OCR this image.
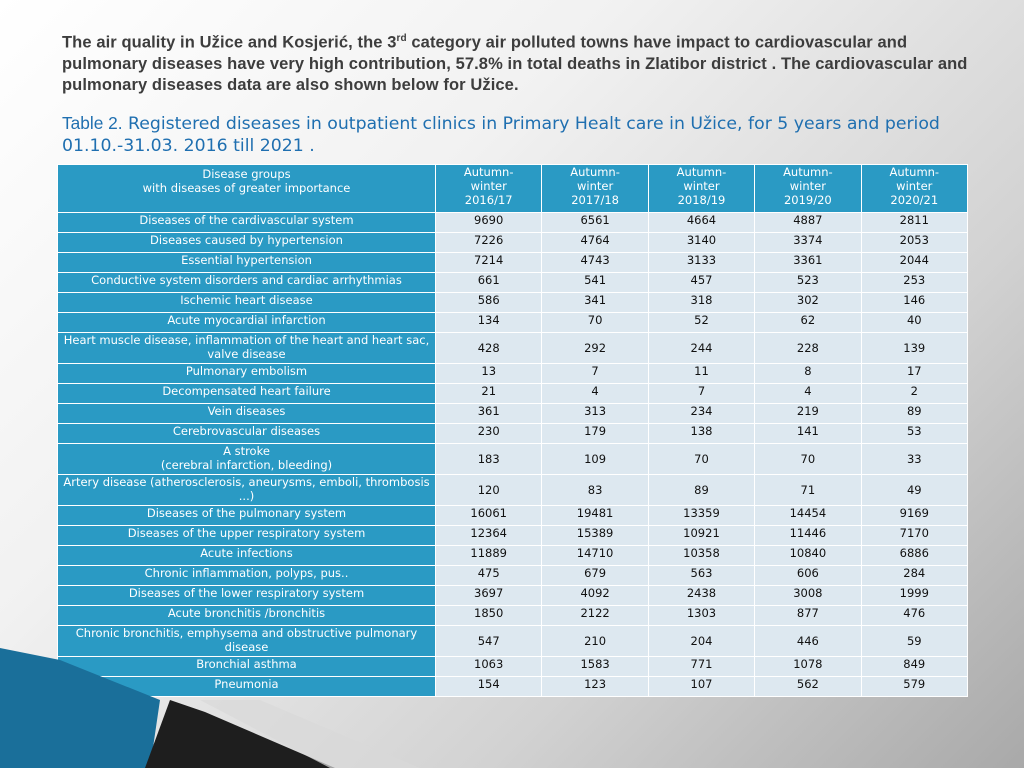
The air quality in Užice and Kosjerić, the 3rd category air polluted towns have impact to cardiovascular and pulmonary diseases have very high contribution, 57.8% in total deaths in Zlatibor district . The cardiovascular and pulmonary diseases data are also shown below for Užice.
Table 2. Registered diseases in outpatient clinics in Primary Healt care in Užice, for 5 years and period 01.10.-31.03. 2016 till 2021 .
Disease groups
with diseases of greater importance	Autumn-
winter
2016/17	Autumn-
winter
2017/18	Autumn-
winter
2018/19	Autumn-
winter
2019/20	Autumn-
winter
2020/21
Diseases of the cardivascular system	9690	6561	4664	4887	2811
Diseases caused by hypertension	7226	4764	3140	3374	2053
Essential hypertension	7214	4743	3133	3361	2044
Conductive system disorders and cardiac arrhythmias	661	541	457	523	253
Ischemic heart disease	586	341	318	302	146
Acute myocardial infarction	134	70	52	62	40
Heart muscle disease, inflammation of the heart and heart sac, valve disease	428	292	244	228	139
Pulmonary embolism	13	7	11	8	17
Decompensated heart failure	21	4	7	4	2
Vein diseases	361	313	234	219	89
Cerebrovascular diseases	230	179	138	141	53
A stroke
(cerebral infarction, bleeding)	183	109	70	70	33
Artery disease (atherosclerosis, aneurysms, emboli, thrombosis ...)	120	83	89	71	49
Diseases of the pulmonary system	16061	19481	13359	14454	9169
Diseases of the upper respiratory system	12364	15389	10921	11446	7170
Acute infections	11889	14710	10358	10840	6886
Chronic inflammation, polyps, pus..	475	679	563	606	284
Diseases of the lower respiratory system	3697	4092	2438	3008	1999
Acute bronchitis /bronchitis	1850	2122	1303	877	476
Chronic bronchitis, emphysema and obstructive pulmonary disease	547	210	204	446	59
Bronchial asthma	1063	1583	771	1078	849
Pneumonia	154	123	107	562	579
